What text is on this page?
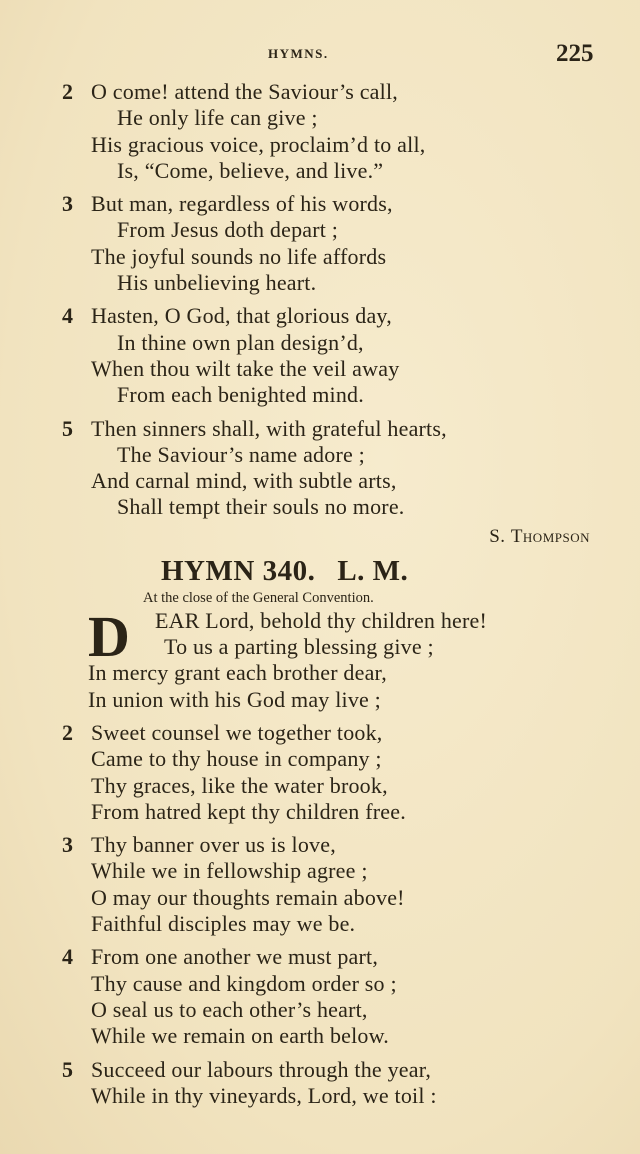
HYMNS.	225
2 O come! attend the Saviour’s call,
He only life can give ;
His gracious voice, proclaim’d to all,
Is, “Come, believe, and live.”
3 But man, regardless of his words,
From Jesus doth depart ;
The joyful sounds no life affords
His unbelieving heart.
4 Hasten, O God, that glorious day,
In thine own plan design’d,
When thou wilt take the veil away
From each benighted mind.
5 Then sinners shall, with grateful hearts,
The Saviour’s name adore ;
And carnal mind, with subtle arts,
Shall tempt their souls no more.
S. Thompson
HYMN 340. L. M.
At the close of the General Convention.
D	EAR Lord, behold thy children here!
To us a parting blessing give ;
In mercy grant each brother dear,
In union with his God may live ;
2 Sweet counsel we together took,
Came to thy house in company ;
Thy graces, like the water brook,
From hatred kept thy children free.
3 Thy banner over us is love,
While we in fellowship agree ;
O may our thoughts remain above!
Faithful disciples may we be.
4 From one another we must part,
Thy cause and kingdom order so ;
O seal us to each other’s heart,
While we remain on earth below.
5 Succeed our labours through the year,
While in thy vineyards, Lord, we toil :
